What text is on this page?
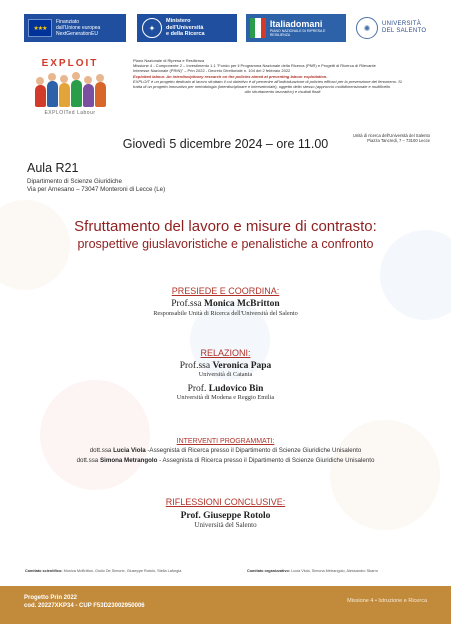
★★★
Finanziato
dall'Unione europea
NextGenerationEU
✦
Ministero
dell'Università
e della Ricerca
Italiadomani
PIANO NAZIONALE DI RIPRESA E RESILIENZA
✺	UNIVERSITÀ
DEL SALENTO
EXPLOIT
EXPLOITed Labour
Piano Nazionale di Ripresa e Resilienza
Missione 4 - Componente 2 – Investimento 1.1 "Fondo per il Programma Nazionale della Ricerca (PNR) e Progetti di Ricerca di Rilevante
Interesse Nazionale (PRIN)" – Prin 2022 - Decreto Direttoriale n. 104 del 2 febbraio 2022
Exploited labour. An interdisciplinary research on the policies aimed at preventing labour exploitation.
EXPLOIT è un progetto dedicato al lavoro sfruttato il cui obiettivo è di pervenire all'individuazione di policies efficaci per la prevenzione del fenomeno. Si
tratta di un progetto innovativo per metodologia (interdisciplinare e intersettoriale), oggetto dello stesso (approccio multidimensionale e multilivello
allo sfruttamento lavorativo) e risultati finali.
Unità di ricerca dell'Università del Salento
Piazza Tancredi, 7 – 73100 Lecce
Giovedì 5 dicembre 2024 – ore 11.00
Aula R21
Dipartimento di Scienze Giuridiche
Via per Arnesano – 73047 Monteroni di Lecce (Le)
Sfruttamento del lavoro e misure di contrasto:
prospettive giuslavoristiche e penalistiche a confronto
PRESIEDE E COORDINA:
Prof.ssa Monica McBritton
Responsabile Unità di Ricerca dell'Università del Salento
RELAZIONI:
Prof.ssa Veronica Papa
Università di Catania
Prof. Ludovico Bin
Università di Modena e Reggio Emilia
INTERVENTI PROGRAMMATI:
dott.ssa Lucia Viola -Assegnista di Ricerca presso il Dipartimento di Scienze Giuridiche Unisalento
dott.ssa Simona Metrangolo - Assegnista di Ricerca presso il Dipartimento di Scienze Giuridiche Unisalento
RIFLESSIONI CONCLUSIVE:
Prof. Giuseppe Rotolo
Università del Salento
Comitato scientifico: Monica McBritton, Giulio De Simone, Giuseppe Rotolo, Stella Laforgia	Comitato organizzativo: Lucia Viola, Simona Metrangolo, Alessandro Sbarro
Progetto Prin 2022
cod. 20227XKP34 - CUP F53D23002950006
Missione 4 • Istruzione e Ricerca
